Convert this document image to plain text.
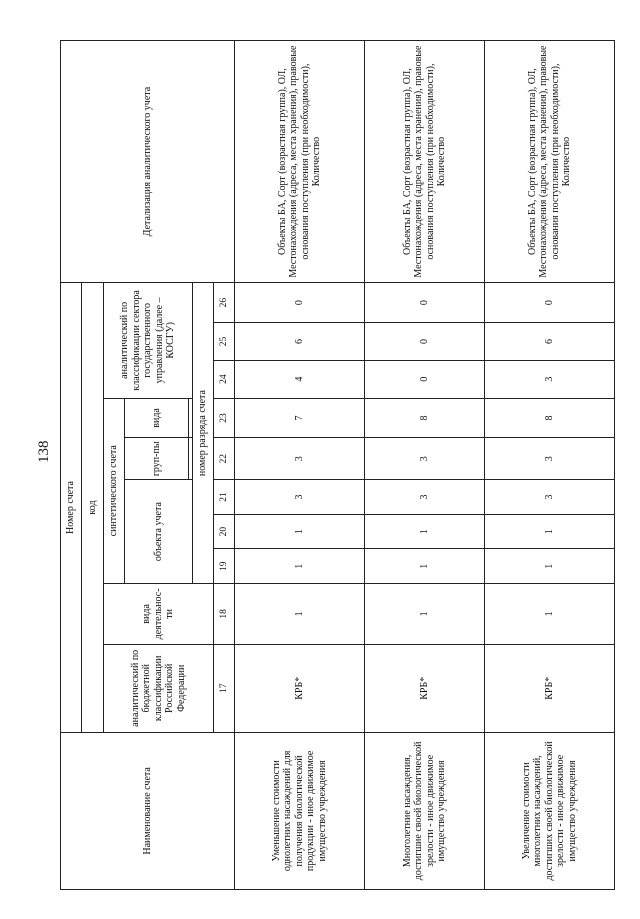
138
Наименование счета	Номер счета										Детализация аналитического учета
	код										
	аналитический по бюджетной классификации Российской Федерации	вида деятельнос-ти	синтетического счета					аналитический по классификации сектора государственного управления (далее – КОСГУ)			
			объекта учета			груп-пы	вида				

			номер разряда счета								
	17	18	19	20	21	22	23	24	25	26	
Уменьшение стоимости однолетних насаждений для получения биологической продукции - иное движимое имущество учреждения	КРБ*	1	1	1	3	3	7	4	6	0	Объекты БА, Сорт (возрастная группа), ОЛ, Местонахождения (адреса, места хранения), правовые основания поступления (при необходимости), Количество
Многолетние насаждения, достигшие своей биологической зрелости - иное движимое имущество учреждения	КРБ*	1	1	1	3	3	8	0	0	0	Объекты БА, Сорт (возрастная группа), ОЛ, Местонахождения (адреса, места хранения), правовые основания поступления (при необходимости), Количество
Увеличение стоимости многолетних насаждений, достигших своей биологической зрелости - иное движимое имущество учреждения	КРБ*	1	1	1	3	3	8	3	6	0	Объекты БА, Сорт (возрастная группа), ОЛ, Местонахождения (адреса, места хранения), правовые основания поступления (при необходимости), Количество
